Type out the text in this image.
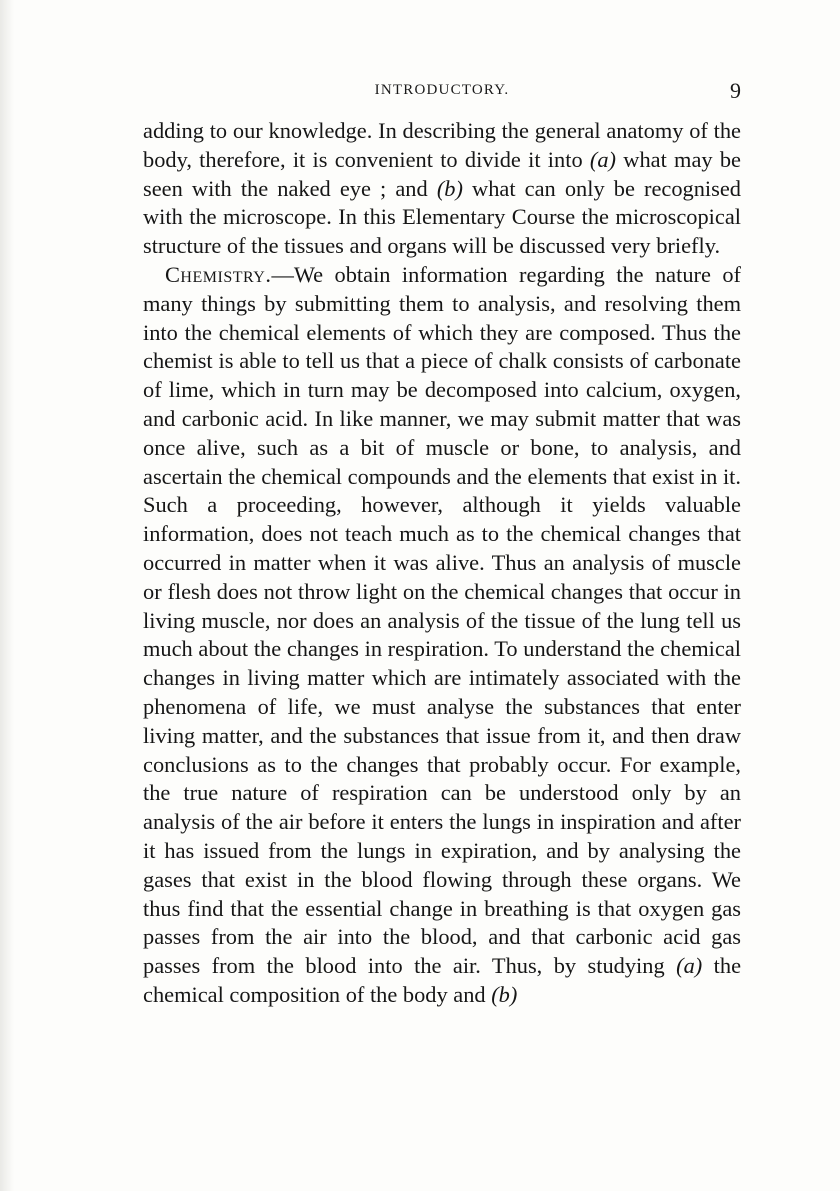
INTRODUCTORY.	9

adding to our knowledge. In describing the general anatomy of the body, therefore, it is convenient to divide it into (a) what may be seen with the naked eye ; and (b) what can only be recognised with the microscope. In this Elementary Course the microscopical structure of the tissues and organs will be discussed very briefly.

Chemistry.—We obtain information regarding the nature of many things by submitting them to analysis, and resolving them into the chemical elements of which they are composed. Thus the chemist is able to tell us that a piece of chalk consists of carbonate of lime, which in turn may be decomposed into calcium, oxygen, and carbonic acid. In like manner, we may submit matter that was once alive, such as a bit of muscle or bone, to analysis, and ascertain the chemical compounds and the elements that exist in it. Such a proceeding, however, although it yields valuable information, does not teach much as to the chemical changes that occurred in matter when it was alive. Thus an analysis of muscle or flesh does not throw light on the chemical changes that occur in living muscle, nor does an analysis of the tissue of the lung tell us much about the changes in respiration. To understand the chemical changes in living matter which are intimately associated with the phenomena of life, we must analyse the substances that enter living matter, and the substances that issue from it, and then draw conclusions as to the changes that probably occur. For example, the true nature of respiration can be understood only by an analysis of the air before it enters the lungs in inspiration and after it has issued from the lungs in expiration, and by analysing the gases that exist in the blood flowing through these organs. We thus find that the essential change in breathing is that oxygen gas passes from the air into the blood, and that carbonic acid gas passes from the blood into the air. Thus, by studying (a) the chemical composition of the body and (b)
